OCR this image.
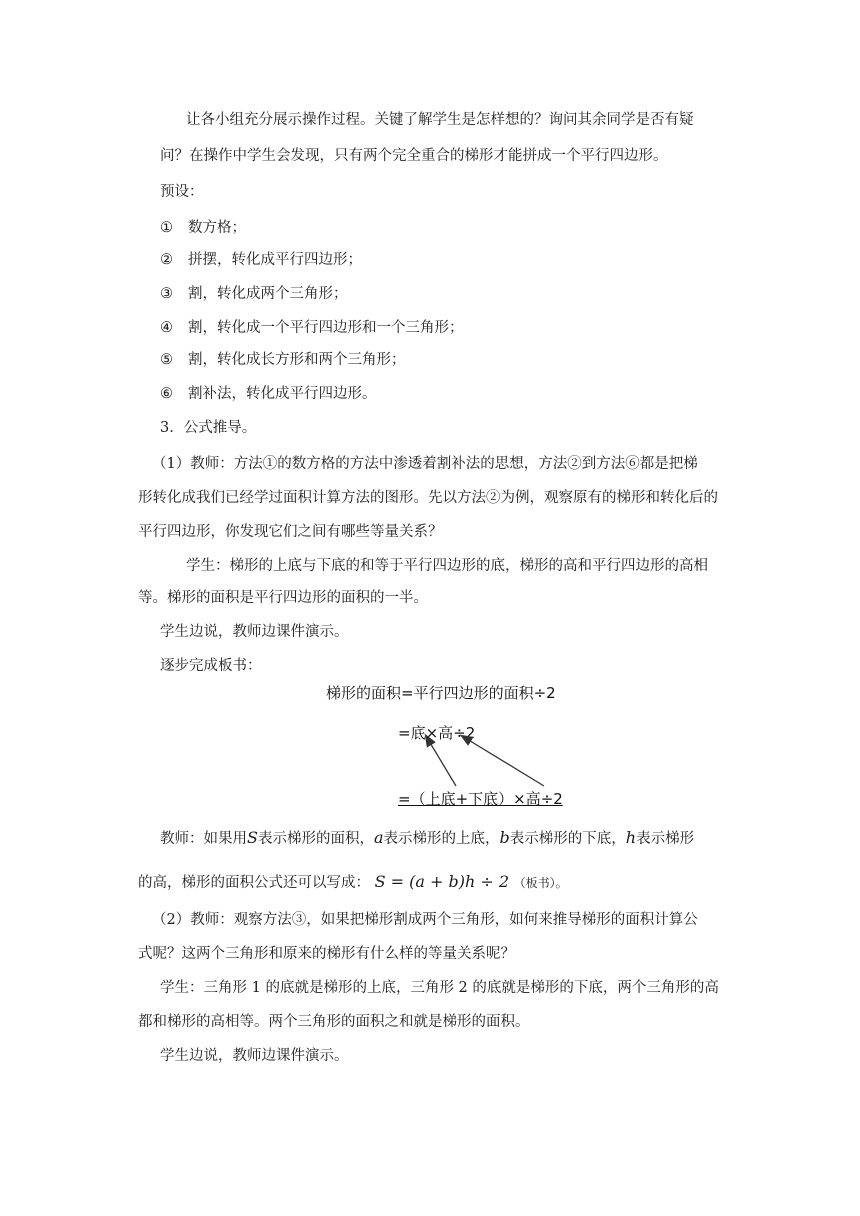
让各小组充分展示操作过程。关键了解学生是怎样想的？询问其余同学是否有疑
问？在操作中学生会发现，只有两个完全重合的梯形才能拼成一个平行四边形。
预设：
① 数方格；
② 拼摆，转化成平行四边形；
③ 割，转化成两个三角形；
④ 割，转化成一个平行四边形和一个三角形；
⑤ 割，转化成长方形和两个三角形；
⑥ 割补法，转化成平行四边形。
3．公式推导。
（1）教师：方法①的数方格的方法中渗透着割补法的思想，方法②到方法⑥都是把梯
形转化成我们已经学过面积计算方法的图形。先以方法②为例，观察原有的梯形和转化后的
平行四边形，你发现它们之间有哪些等量关系？
学生：梯形的上底与下底的和等于平行四边形的底，梯形的高和平行四边形的高相
等。梯形的面积是平行四边形的面积的一半。
学生边说，教师边课件演示。
逐步完成板书：
梯形的面积=平行四边形的面积÷2
=底×高÷2
=（上底+下底）×高÷2
教师：如果用S表示梯形的面积，a表示梯形的上底，b表示梯形的下底，h表示梯形
的高，梯形的面积公式还可以写成： S = (a + b)h ÷ 2 （板书）。
（2）教师：观察方法③，如果把梯形割成两个三角形，如何来推导梯形的面积计算公
式呢？这两个三角形和原来的梯形有什么样的等量关系呢？
学生：三角形 1 的底就是梯形的上底，三角形 2 的底就是梯形的下底，两个三角形的高
都和梯形的高相等。两个三角形的面积之和就是梯形的面积。
学生边说，教师边课件演示。
